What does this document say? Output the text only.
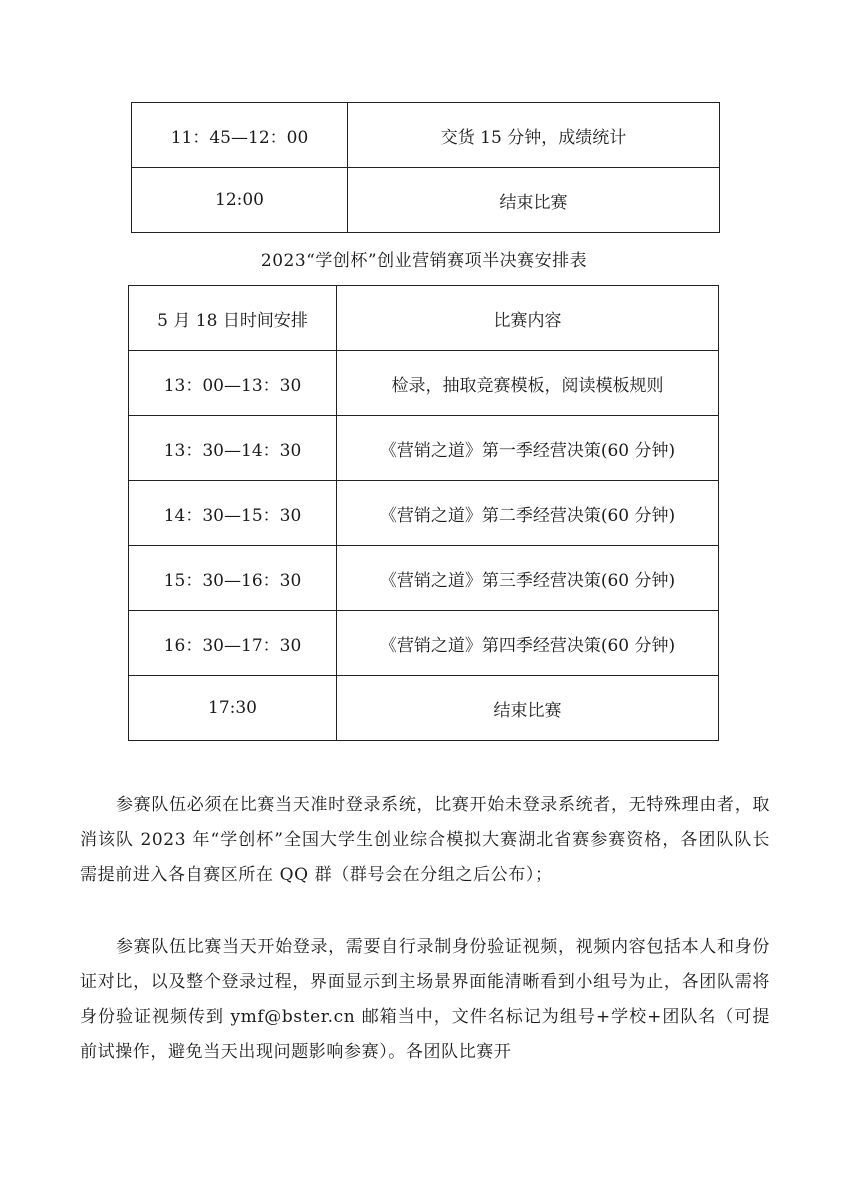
11：45—12：00	交货 15 分钟，成绩统计
12:00	结束比赛
2023“学创杯”创业营销赛项半决赛安排表
5 月 18 日时间安排	比赛内容
13：00—13：30	检录，抽取竞赛模板，阅读模板规则
13：30—14：30	《营销之道》第一季经营决策(60 分钟)
14：30—15：30	《营销之道》第二季经营决策(60 分钟)
15：30—16：30	《营销之道》第三季经营决策(60 分钟)
16：30—17：30	《营销之道》第四季经营决策(60 分钟)
17:30	结束比赛

参赛队伍必须在比赛当天准时登录系统，比赛开始未登录系统者，无特殊理由者，取消该队 2023 年“学创杯”全国大学生创业综合模拟大赛湖北省赛参赛资格，各团队队长需提前进入各自赛区所在 QQ 群（群号会在分组之后公布）；

参赛队伍比赛当天开始登录，需要自行录制身份验证视频，视频内容包括本人和身份证对比，以及整个登录过程，界面显示到主场景界面能清晰看到小组号为止，各团队需将身份验证视频传到 ymf@bster.cn 邮箱当中，文件名标记为组号+学校+团队名（可提前试操作，避免当天出现问题影响参赛）。各团队比赛开
